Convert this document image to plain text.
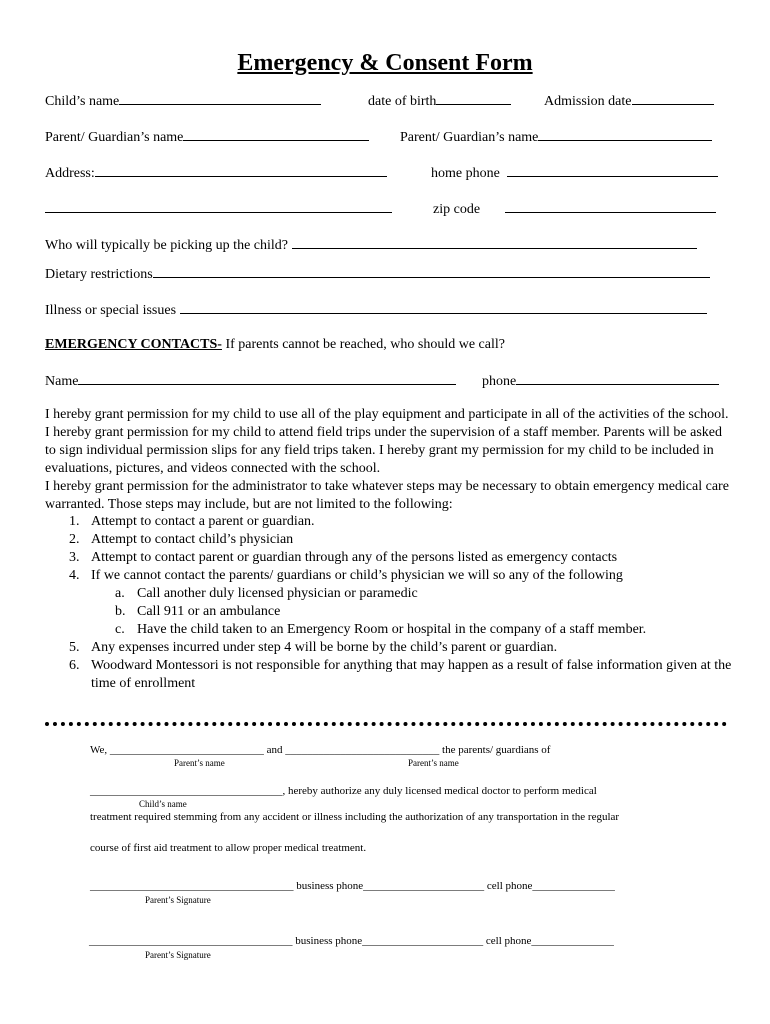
Emergency & Consent Form
Child’s name	date of birth	Admission date
Parent/ Guardian’s name	Parent/ Guardian’s name
Address:	home phone
zip code
Who will typically be picking up the child?
Dietary restrictions
Illness or special issues
EMERGENCY CONTACTS- If parents cannot be reached, who should we call?
Name	phone

I hereby grant permission for my child to use all of the play equipment and participate in all of the activities of the school.

I hereby grant permission for my child to attend field trips under the supervision of a staff member. Parents will be asked to sign individual permission slips for any field trips taken. I hereby grant my permission for my child to be included in evaluations, pictures, and videos connected with the school.

I hereby grant permission for the administrator to take whatever steps may be necessary to obtain emergency medical care warranted. Those steps may include, but are not limited to the following:

1. Attempt to contact a parent or guardian.
2. Attempt to contact child’s physician
3. Attempt to contact parent or guardian through any of the persons listed as emergency contacts
4. If we cannot contact the parents/ guardians or child’s physician we will so any of the following
a. Call another duly licensed physician or paramedic
b. Call 911 or an ambulance
c. Have the child taken to an Emergency Room or hospital in the company of a staff member.
5. Any expenses incurred under step 4 will be borne by the child’s parent or guardian.
6. Woodward Montessori is not responsible for anything that may happen as a result of false information given at the time of enrollment
We, ____________________________ and ____________________________ the parents/ guardians of
Parent’s name	Parent’s name
___________________________________, hereby authorize any duly licensed medical doctor to perform medical
Child’s name
treatment required stemming from any accident or illness including the authorization of any transportation in the regular
course of first aid treatment to allow proper medical treatment.
_____________________________________ business phone______________________ cell phone_______________
Parent’s Signature
_____________________________________ business phone______________________ cell phone_______________
Parent’s Signature
